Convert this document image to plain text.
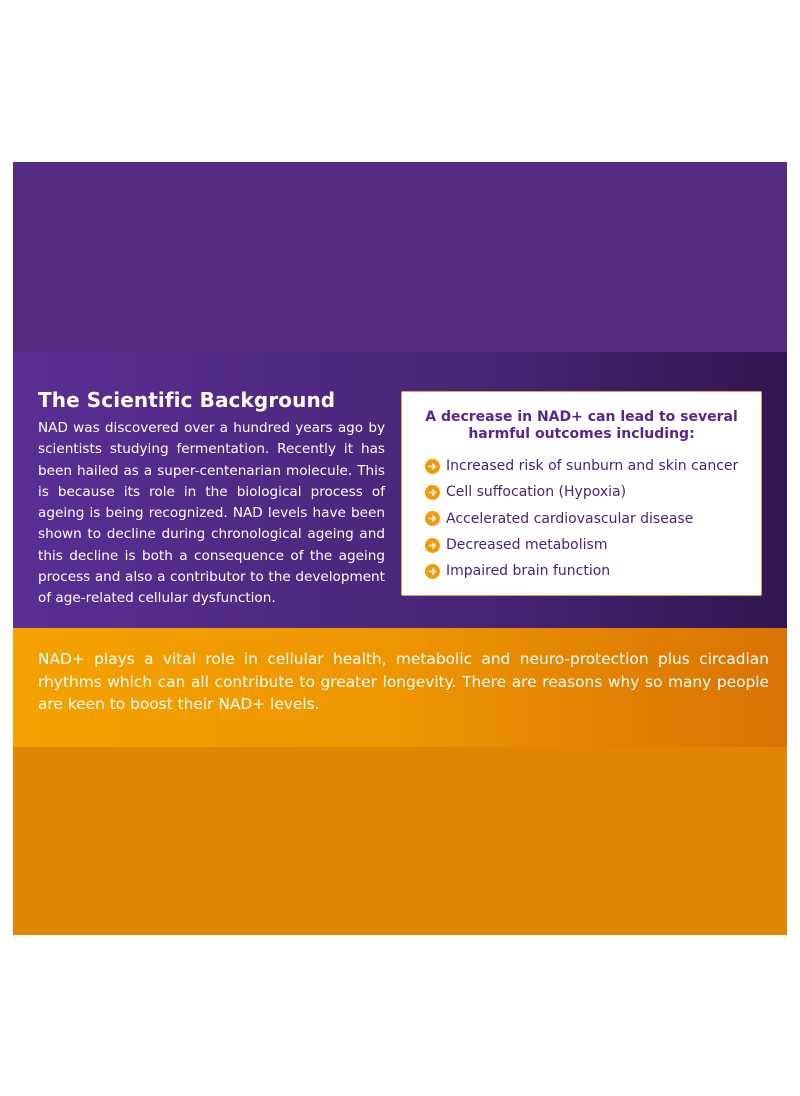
The Scientific Background
NAD was discovered over a hundred years ago by scientists studying fermentation. Recently it has been hailed as a super-centenarian molecule. This is because its role in the biological process of ageing is being recognized. NAD levels have been shown to decline during chronological ageing and this decline is both a consequence of the ageing process and also a contributor to the development of age-related cellular dysfunction.
A decrease in NAD+ can lead to several
harmful outcomes including:
Increased risk of sunburn and skin cancer
Cell suffocation (Hypoxia)
Accelerated cardiovascular disease
Decreased metabolism
Impaired brain function
NAD+ plays a vital role in cellular health, metabolic and neuro-protection plus circadian rhythms which can all contribute to greater longevity. There are reasons why so many people are keen to boost their NAD+ levels.
